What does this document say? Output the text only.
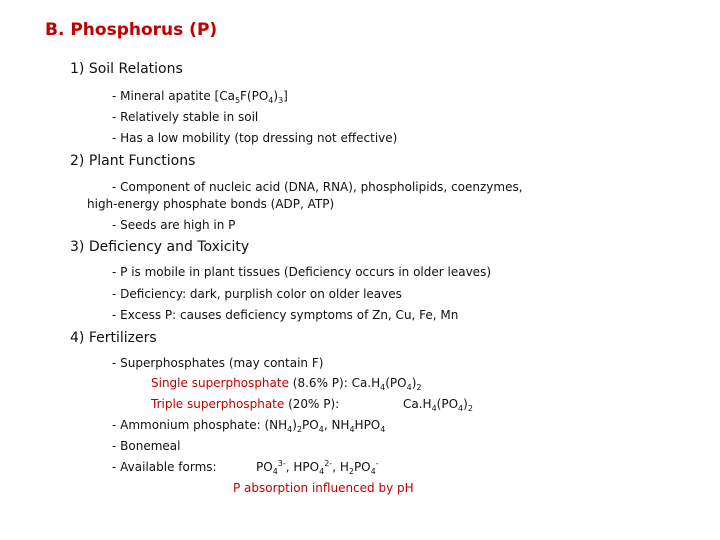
B. Phosphorus (P)
1) Soil Relations
- Mineral apatite $[Ca_5F(PO_4)_3]$
- Relatively stable in soil
- Has a low mobility (top dressing not effective)
2) Plant Functions
- Component of nucleic acid (DNA, RNA), phospholipids, coenzymes,
high-energy phosphate bonds (ADP, ATP)
- Seeds are high in P
3) Deficiency and Toxicity
- P is mobile in plant tissues (Deficiency occurs in older leaves)
- Deficiency: dark, purplish color on older leaves
- Excess P: causes deficiency symptoms of Zn, Cu, Fe, Mn
4) Fertilizers
- Superphosphates (may contain F)
Single superphosphate (8.6% P): $Ca.H_4(PO_4)_2$
Triple superphosphate (20% P):	$Ca.H_4(PO_4)_2$
- Ammonium phosphate: $(NH_4)_2PO_4$, $NH_4HPO_4$
- Bonemeal
- Available forms:	$PO_4^{3-}$, $HPO_4^{2-}$, $H_2PO_4^-$
P absorption influenced by pH
